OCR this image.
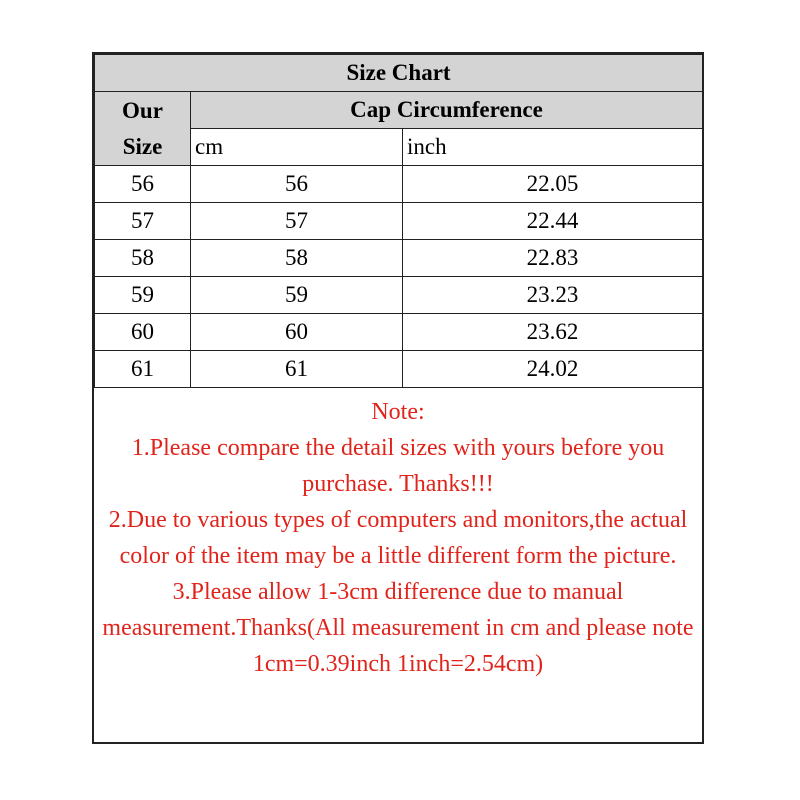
Size Chart		
Our
Size	Cap Circumference	
	cm	inch
56	56	22.05
57	57	22.44
58	58	22.83
59	59	23.23
60	60	23.62
61	61	24.02

Note:

1.Please compare the detail sizes with yours before you purchase. Thanks!!!

2.Due to various types of computers and monitors,the actual color of the item may be a little different form the picture.

3.Please allow 1-3cm difference due to manual measurement.Thanks(All measurement in cm and please note 1cm=0.39inch 1inch=2.54cm)
